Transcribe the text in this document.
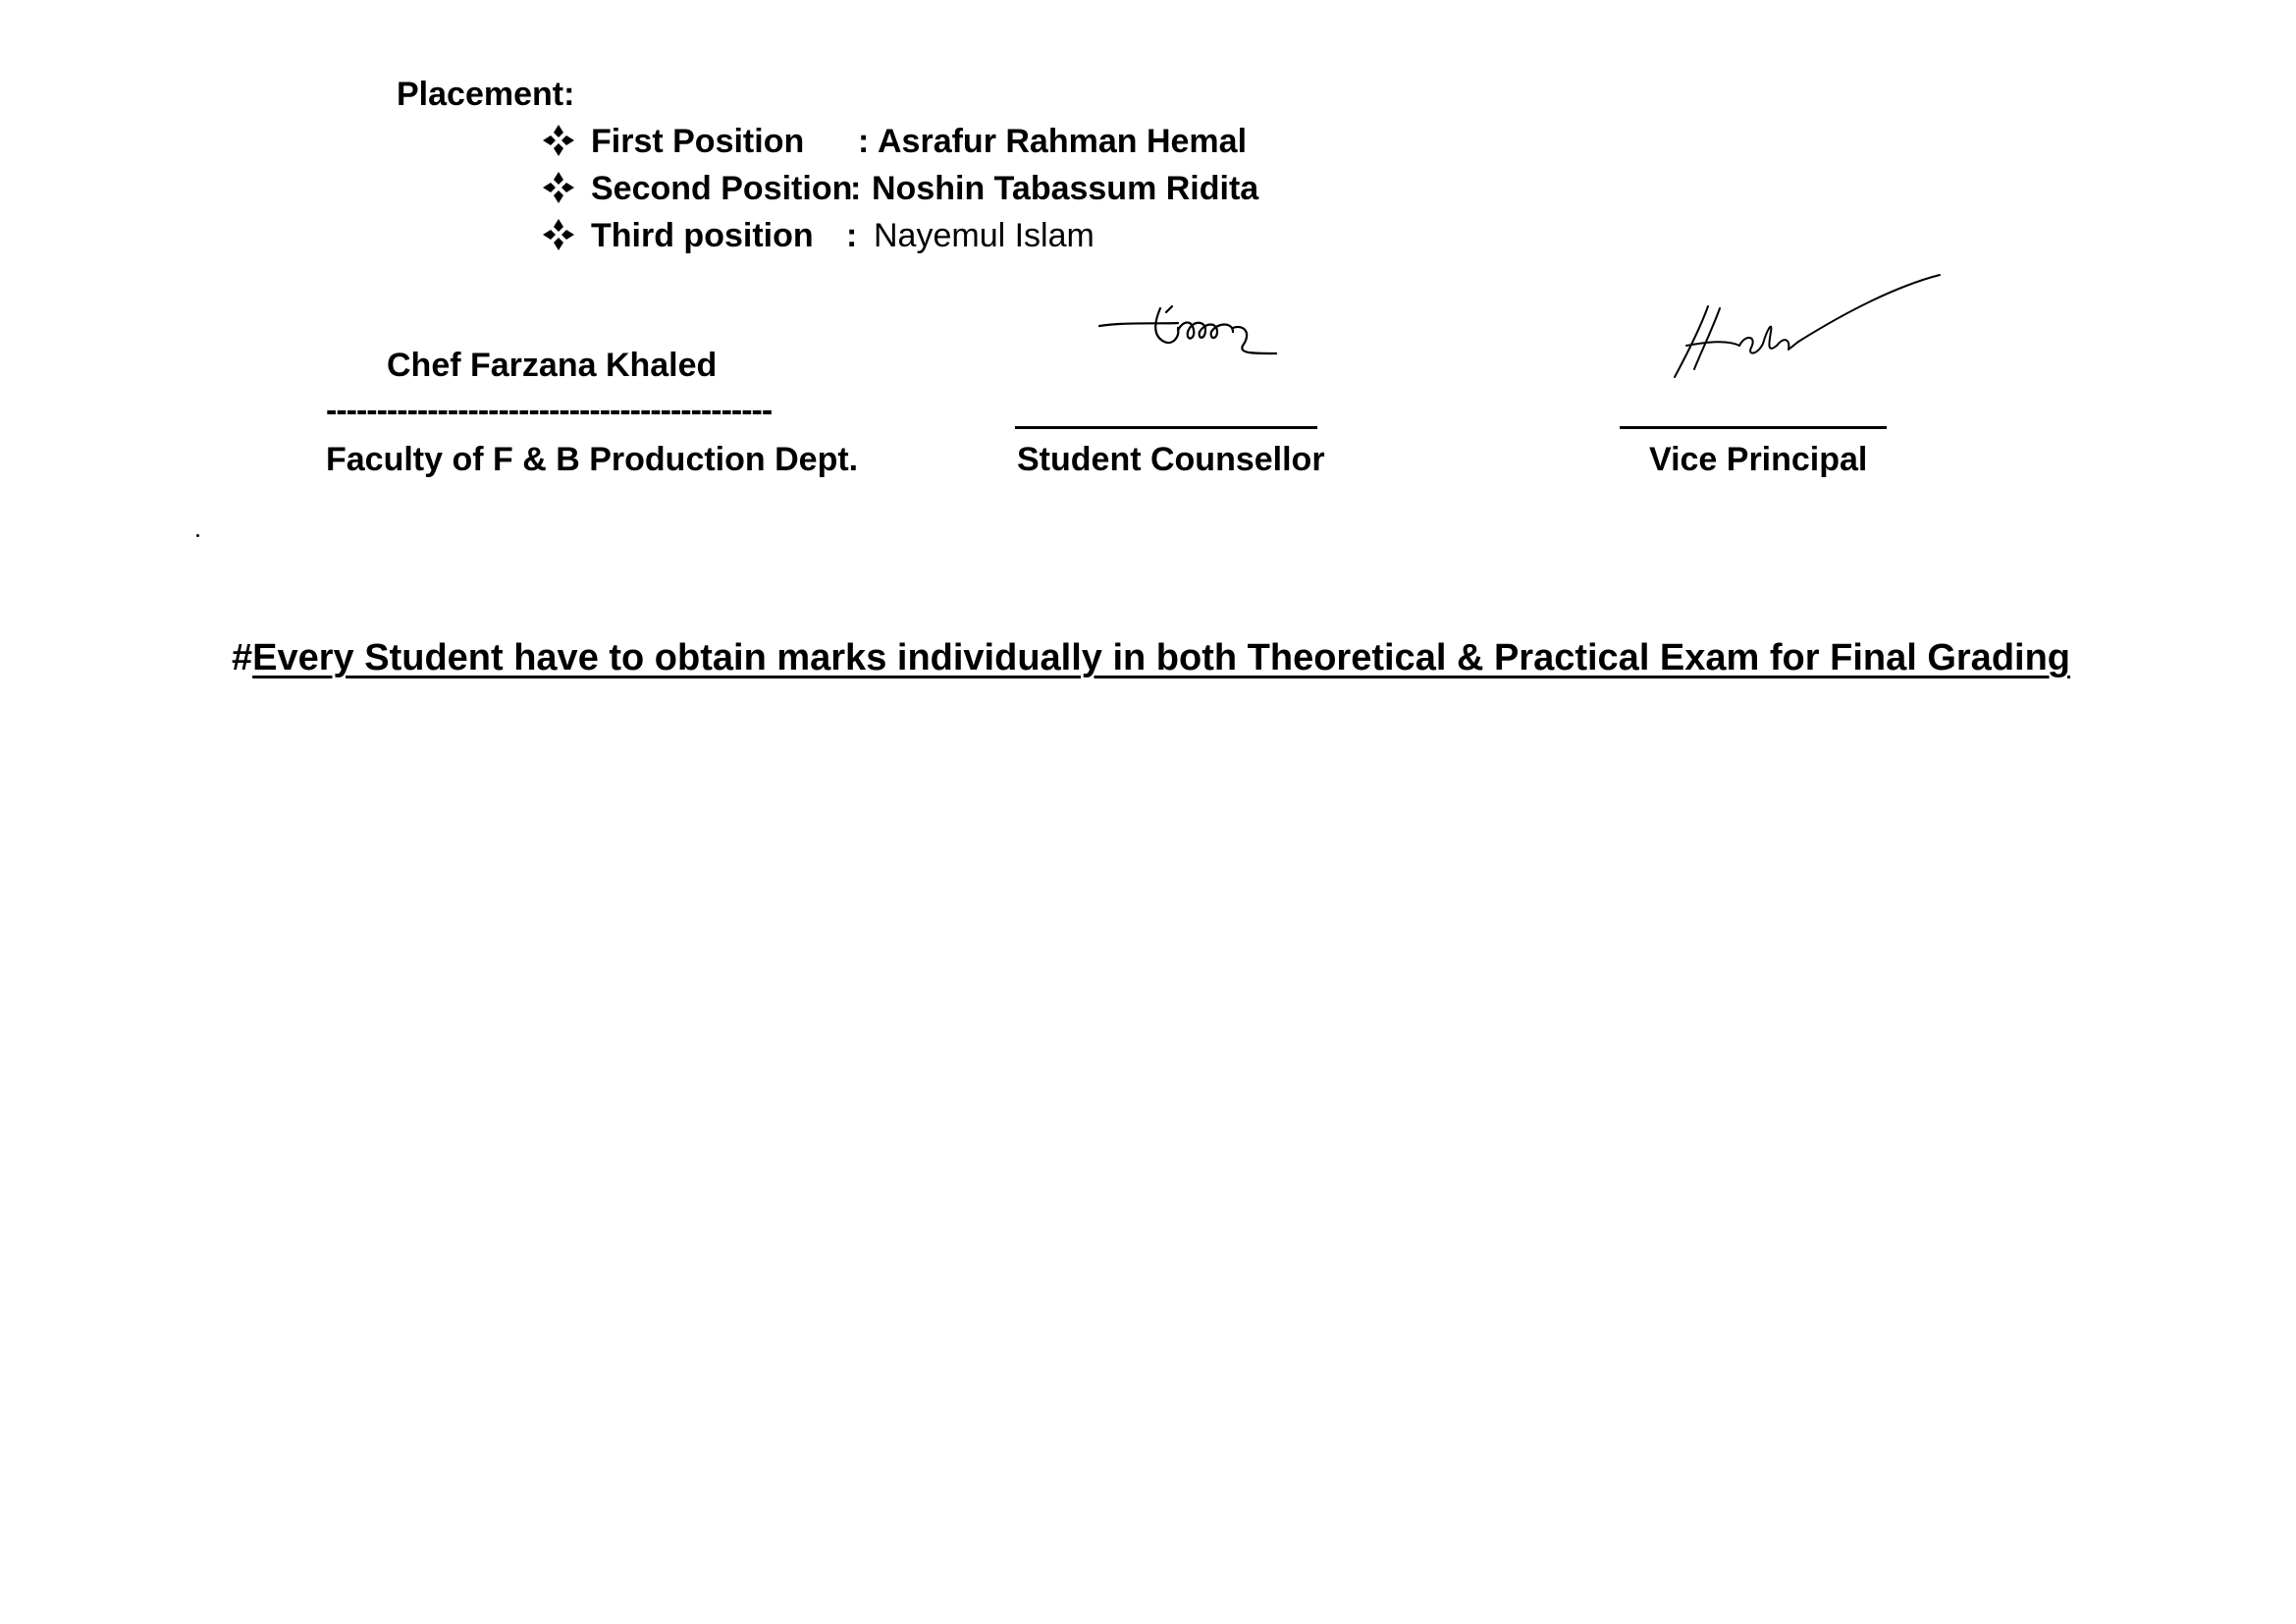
Placement:
First Position : Asrafur Rahman Hemal
Second Position
: Noshin Tabassum Ridita
Third position : Nayemul Islam
Chef Farzana Khaled
--------------------------------------------
Faculty of F & B Production Dept.	Student Counsellor	Vice Principal
#Every Student have to obtain marks individually in both Theoretical & Practical Exam for Final Grading
